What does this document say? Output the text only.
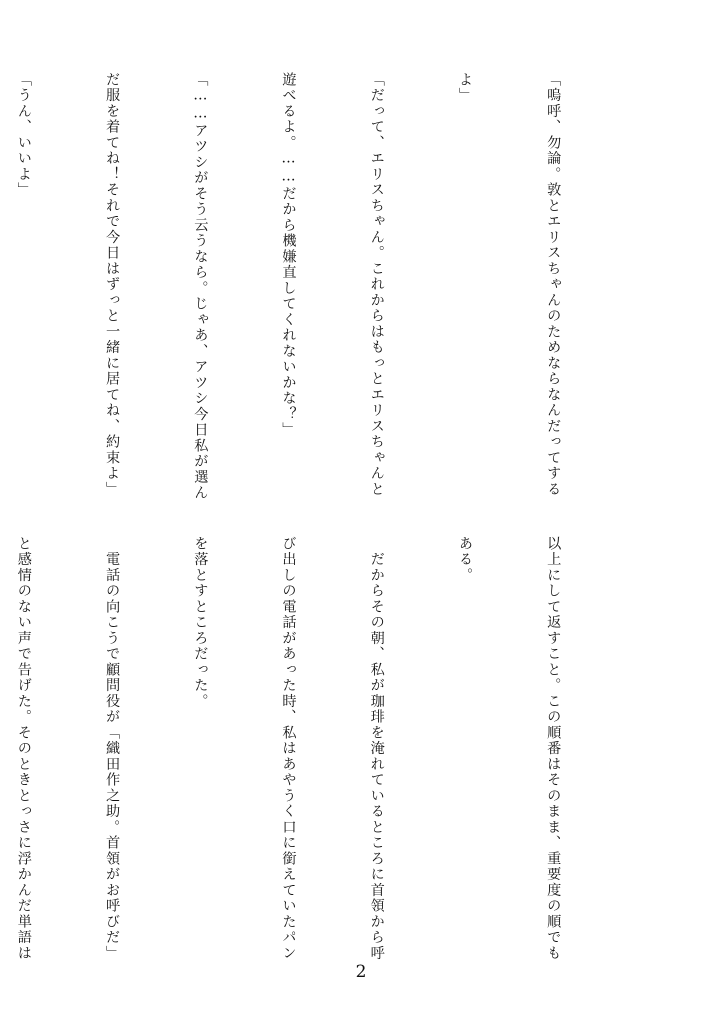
「嗚呼、勿論。敦とエリスちゃんのためならなんだってする

よ」

「だって、エリスちゃん。これからはもっとエリスちゃんと

遊べるよ。……だから機嫌直してくれないかな？」

「……アツシがそう云うなら。じゃあ、アツシ今日私が選ん

だ服を着てね！それで今日はずっと一緒に居てね、約束よ」

「うん、いいよ」

以上にして返すこと。この順番はそのまま、重要度の順でも

ある。

　だからその朝、私が珈琲を淹れているところに首領から呼

び出しの電話があった時、私はあやうく口に銜えていたパン

を落とすところだった。

　電話の向こうで顧問役が「織田作之助。首領がお呼びだ」

と感情のない声で告げた。そのときとっさに浮かんだ単語は

2
